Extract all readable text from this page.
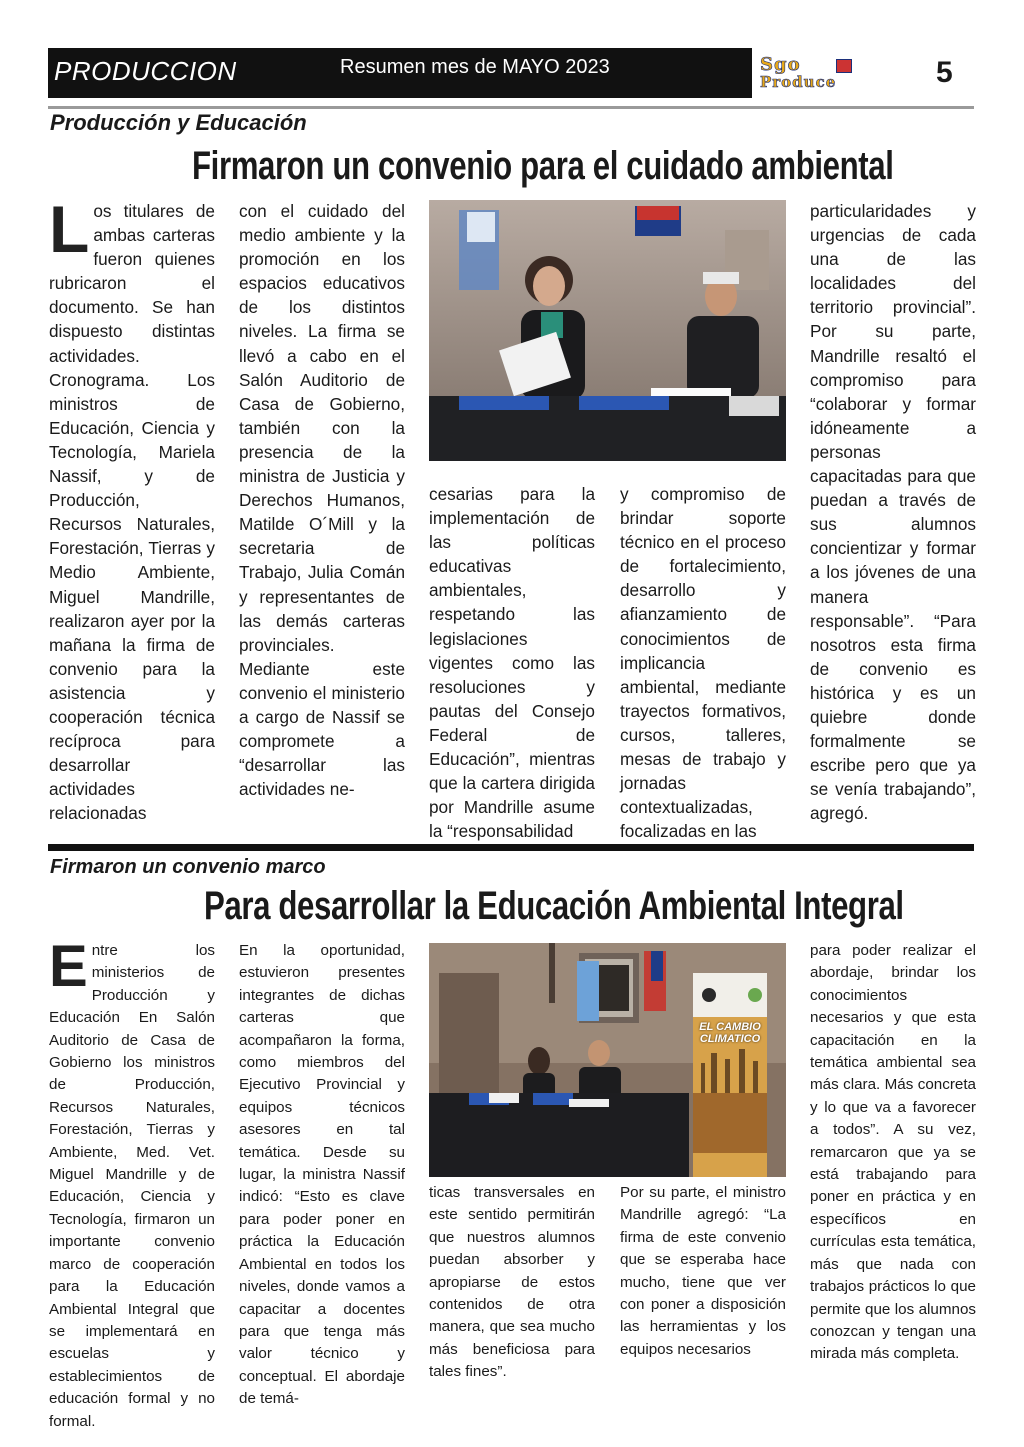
PRODUCCION	Resumen mes de MAYO 2023	Sgo
Produce	5
Producción y Educación
Firmaron un convenio para el cuidado ambiental

Los titulares de ambas carteras fueron quienes rubricaron el documento. Se han dispuesto distintas actividades. Cronograma. Los ministros de Educación, Ciencia y Tecnología, Mariela Nassif, y de Producción, Recursos Naturales, Forestación, Tierras y Medio Ambiente, Miguel Mandrille, realizaron ayer por la mañana la firma de convenio para la asistencia y cooperación técnica recíproca para desarrollar actividades relacionadas

con el cuidado del medio ambiente y la promoción en los espacios educativos de los distintos niveles. La firma se llevó a cabo en el Salón Auditorio de Casa de Gobierno, también con la presencia de la ministra de Justicia y Derechos Humanos, Matilde O´Mill y la secretaria de Trabajo, Julia Comán y representantes de las demás carteras provinciales. Mediante este convenio el ministerio a cargo de Nassif se compromete a “desarrollar las actividades ne-

cesarias para la implementación de las políticas educativas ambientales, respetando las legislaciones vigentes como las resoluciones y pautas del Consejo Federal de Educación”, mientras que la cartera dirigida por Mandrille asume la “responsabilidad

y compromiso de brindar soporte técnico en el proceso de fortalecimiento, desarrollo y afianzamiento de conocimientos de implicancia ambiental, mediante trayectos formativos, cursos, talleres, mesas de trabajo y jornadas contextualizadas, focalizadas en las

particularidades y urgencias de cada una de las localidades del territorio provincial”. Por su parte, Mandrille resaltó el compromiso para “colaborar y formar idóneamente a personas capacitadas para que puedan a través de sus alumnos concientizar y formar a los jóvenes de una manera responsable”. “Para nosotros esta firma de convenio es histórica y es un quiebre donde formalmente se escribe pero que ya se venía trabajando”, agregó.

Firmaron un convenio marco
Para desarrollar la Educación Ambiental Integral

Entre los ministerios de Producción y Educación En Salón Auditorio de Casa de Gobierno los ministros de Producción, Recursos Naturales, Forestación, Tierras y Ambiente, Med. Vet. Miguel Mandrille y de Educación, Ciencia y Tecnología, firmaron un importante convenio marco de cooperación para la Educación Ambiental Integral que se implementará en escuelas y establecimientos de educación formal y no formal.

En la oportunidad, estuvieron presentes integrantes de dichas carteras que acompañaron la forma, como miembros del Ejecutivo Provincial y equipos técnicos asesores en tal temática. Desde su lugar, la ministra Nassif indicó: “Esto es clave para poder poner en práctica la Educación Ambiental en todos los niveles, donde vamos a capacitar a docentes para que tenga más valor técnico y conceptual. El abordaje de temá-

EL CAMBIO CLIMATICO

ticas transversales en este sentido permitirán que nuestros alumnos puedan absorber y apropiarse de estos contenidos de otra manera, que sea mucho más beneficiosa para tales fines”.

Por su parte, el ministro Mandrille agregó: “La firma de este convenio que se esperaba hace mucho, tiene que ver con poner a disposición las herramientas y los equipos necesarios

para poder realizar el abordaje, brindar los conocimientos necesarios y que esta capacitación en la temática ambiental sea más clara. Más concreta y lo que va a favorecer a todos”. A su vez, remarcaron que ya se está trabajando para poner en práctica y en específicos en currículas esta temática, más que nada con trabajos prácticos lo que permite que los alumnos conozcan y tengan una mirada más completa.
